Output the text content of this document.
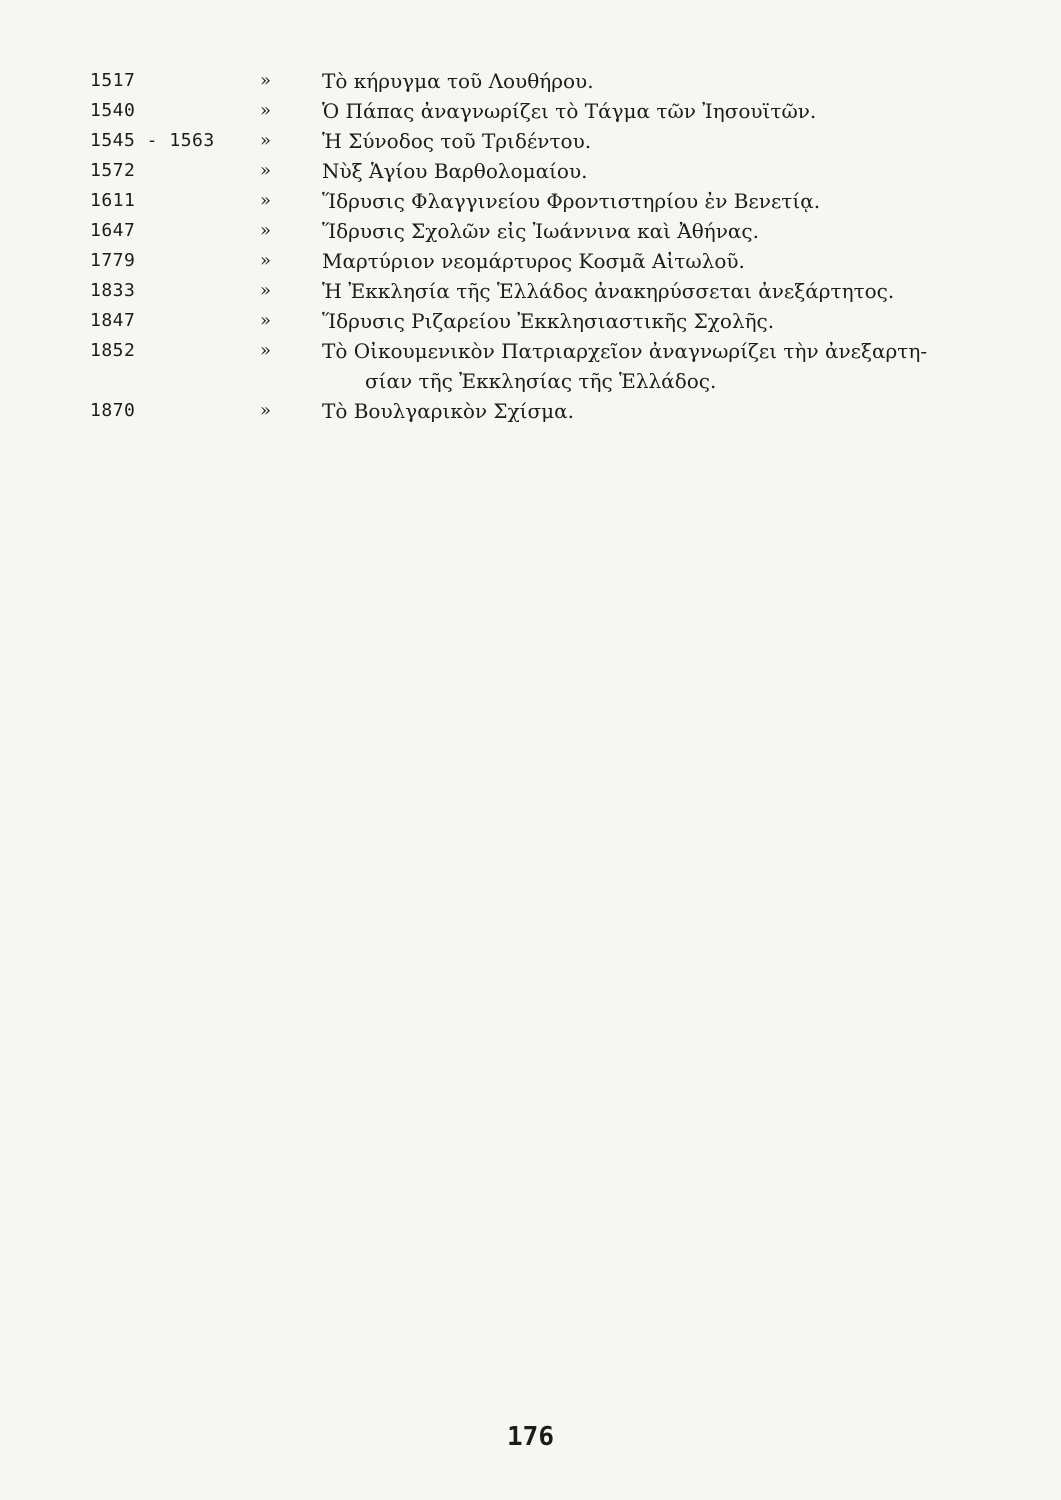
1517	»	Τὸ κήρυγμα τοῦ Λουθήρου.
1540	»	Ὁ Πάπας ἀναγνωρίζει τὸ Τάγμα τῶν Ἰησουϊτῶν.
1545 - 1563	»	Ἡ Σύνοδος τοῦ Τριδέντου.
1572	»	Νὺξ Ἁγίου Βαρθολομαίου.
1611	»	Ἵδρυσις Φλαγγινείου Φροντιστηρίου ἐν Βενετίᾳ.
1647	»	Ἵδρυσις Σχολῶν εἰς Ἰωάννινα καὶ Ἀθήνας.
1779	»	Μαρτύριον νεομάρτυρος Κοσμᾶ Αἰτωλοῦ.
1833	»	Ἡ Ἐκκλησία τῆς Ἑλλάδος ἀνακηρύσσεται ἀνεξάρτητος.
1847	»	Ἵδρυσις Ριζαρείου Ἐκκλησιαστικῆς Σχολῆς.
1852	»	Τὸ Οἰκουμενικὸν Πατριαρχεῖον ἀναγνωρίζει τὴν ἀνεξαρτη-
σίαν τῆς Ἐκκλησίας τῆς Ἑλλάδος.
1870	»	Τὸ Βουλγαρικὸν Σχίσμα.
176
